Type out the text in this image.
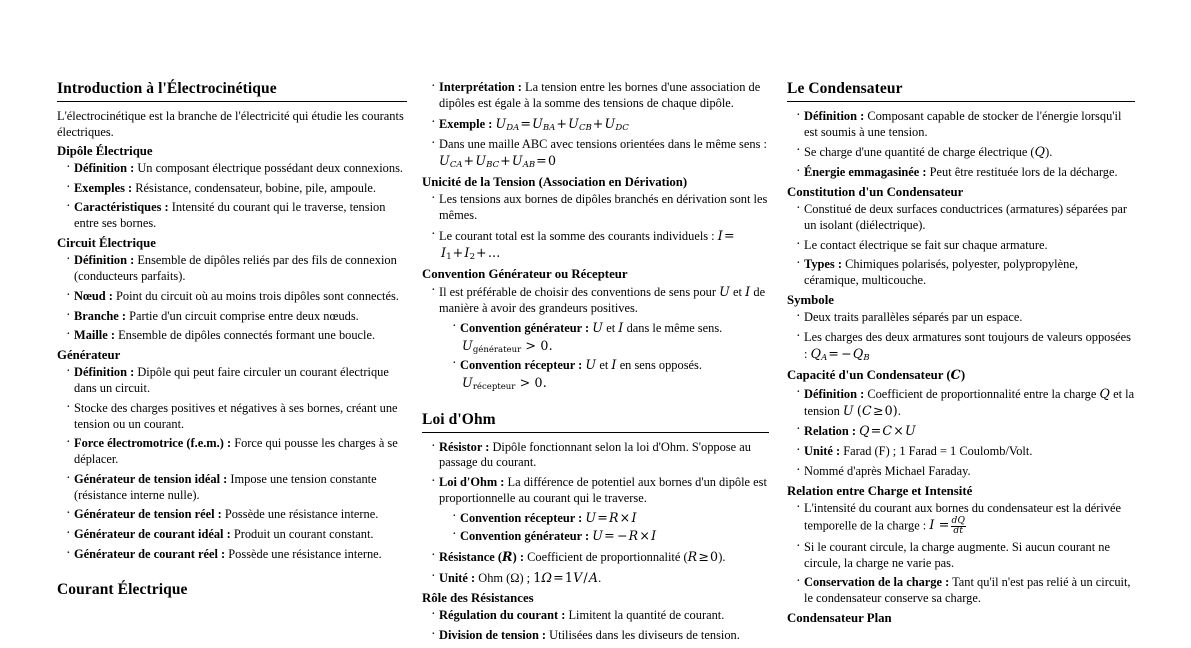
Introduction à l'Électrocinétique

L'électrocinétique est la branche de l'électricité qui étudie les courants électriques.

Dipôle Électrique
· Définition : Un composant électrique possédant deux connexions.
· Exemples : Résistance, condensateur, bobine, pile, ampoule.
· Caractéristiques : Intensité du courant qui le traverse, tension entre ses bornes.
Circuit Électrique
· Définition : Ensemble de dipôles reliés par des fils de connexion (conducteurs parfaits).
· Nœud : Point du circuit où au moins trois dipôles sont connectés.
· Branche : Partie d'un circuit comprise entre deux nœuds.
· Maille : Ensemble de dipôles connectés formant une boucle.
Générateur
· Définition : Dipôle qui peut faire circuler un courant électrique dans un circuit.
· Stocke des charges positives et négatives à ses bornes, créant une tension ou un courant.
· Force électromotrice (f.e.m.) : Force qui pousse les charges à se déplacer.
· Générateur de tension idéal : Impose une tension constante (résistance interne nulle).
· Générateur de tension réel : Possède une résistance interne.
· Générateur de courant idéal : Produit un courant constant.
· Générateur de courant réel : Possède une résistance interne.
Courant Électrique
· Interprétation : La tension entre les bornes d'une association de dipôles est égale à la somme des tensions de chaque dipôle.
· Exemple : $U_{DA}=U_{BA}+U_{CB}+U_{DC}$
· Dans une maille ABC avec tensions orientées dans le même sens : $U_{CA}+U_{BC}+U_{AB}=0$
Unicité de la Tension (Association en Dérivation)
· Les tensions aux bornes de dipôles branchés en dérivation sont les mêmes.
· Le courant total est la somme des courants individuels : I=
$I_1+I_2+$...
Convention Générateur ou Récepteur
· Il est préférable de choisir des conventions de sens pour U et I de manière à avoir des grandeurs positives.
· Convention générateur : U et I dans le même sens.
$U_{générateur} > 0$.
· Convention récepteur : U et I en sens opposés.
$U_{récepteur} > 0$.
Loi d'Ohm
· Résistor : Dipôle fonctionnant selon la loi d'Ohm. S'oppose au passage du courant.
· Loi d'Ohm : La différence de potentiel aux bornes d'un dipôle est proportionnelle au courant qui le traverse.
· Convention récepteur : U=R×I
· Convention générateur : U= −R×I
· Résistance (R) : Coefficient de proportionnalité (R≥0).
· Unité : Ohm (Ω) ; 1Ω=1V/A.
Rôle des Résistances
· Régulation du courant : Limitent la quantité de courant.
· Division de tension : Utilisées dans les diviseurs de tension.
Le Condensateur
· Définition : Composant capable de stocker de l'énergie lorsqu'il est soumis à une tension.
· Se charge d'une quantité de charge électrique (Q).
· Énergie emmagasinée : Peut être restituée lors de la décharge.
Constitution d'un Condensateur
· Constitué de deux surfaces conductrices (armatures) séparées par un isolant (diélectrique).
· Le contact électrique se fait sur chaque armature.
· Types : Chimiques polarisés, polyester, polypropylène, céramique, multicouche.
Symbole
· Deux traits parallèles séparés par un espace.
· Les charges des deux armatures sont toujours de valeurs opposées : $Q_A= -Q_B$
Capacité d'un Condensateur (C)
· Définition : Coefficient de proportionnalité entre la charge Q et la tension U (C≥0).
· Relation : Q=C×U
· Unité : Farad (F) ; 1 Farad = 1 Coulomb/Volt.
· Nommé d'après Michael Faraday.
Relation entre Charge et Intensité
· L'intensité du courant aux bornes du condensateur est la dérivée temporelle de la charge : $I = \frac{dQ}{dt}$
· Si le courant circule, la charge augmente. Si aucun courant ne circule, la charge ne varie pas.
· Conservation de la charge : Tant qu'il n'est pas relié à un circuit, le condensateur conserve sa charge.
Condensateur Plan
